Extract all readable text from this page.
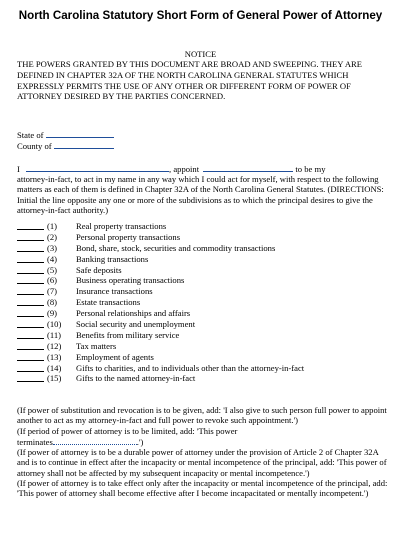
North Carolina Statutory Short Form of General Power of Attorney
NOTICE
THE POWERS GRANTED BY THIS DOCUMENT ARE BROAD AND SWEEPING. THEY ARE DEFINED IN CHAPTER 32A OF THE NORTH CAROLINA GENERAL STATUTES WHICH EXPRESSLY PERMITS THE USE OF ANY OTHER OR DIFFERENT FORM OF POWER OF ATTORNEY DESIRED BY THE PARTIES CONCERNED.
State of
County of
I	, appoint	to be my
attorney-in-fact, to act in my name in any way which I could act for myself, with respect to the following matters as each of them is defined in Chapter 32A of the North Carolina General Statutes. (DIRECTIONS: Initial the line opposite any one or more of the subdivisions as to which the principal desires to give the attorney-in-fact authority.)
(1) Real property transactions
(2) Personal property transactions
(3) Bond, share, stock, securities and commodity transactions
(4) Banking transactions
(5) Safe deposits
(6) Business operating transactions
(7) Insurance transactions
(8) Estate transactions
(9) Personal relationships and affairs
(10) Social security and unemployment
(11) Benefits from military service
(12) Tax matters
(13) Employment of agents
(14) Gifts to charities, and to individuals other than the attorney-in-fact
(15) Gifts to the named attorney-in-fact

(If power of substitution and revocation is to be given, add: 'I also give to such person full power to appoint another to act as my attorney-in-fact and full power to revoke such appointment.')

(If period of power of attorney is to be limited, add: 'This power
terminates	.')

(If power of attorney is to be a durable power of attorney under the provision of Article 2 of Chapter 32A and is to continue in effect after the incapacity or mental incompetence of the principal, add: 'This power of attorney shall not be affected by my subsequent incapacity or mental incompetence.')

(If power of attorney is to take effect only after the incapacity or mental incompetence of the principal, add: 'This power of attorney shall become effective after I become incapacitated or mentally incompetent.')
